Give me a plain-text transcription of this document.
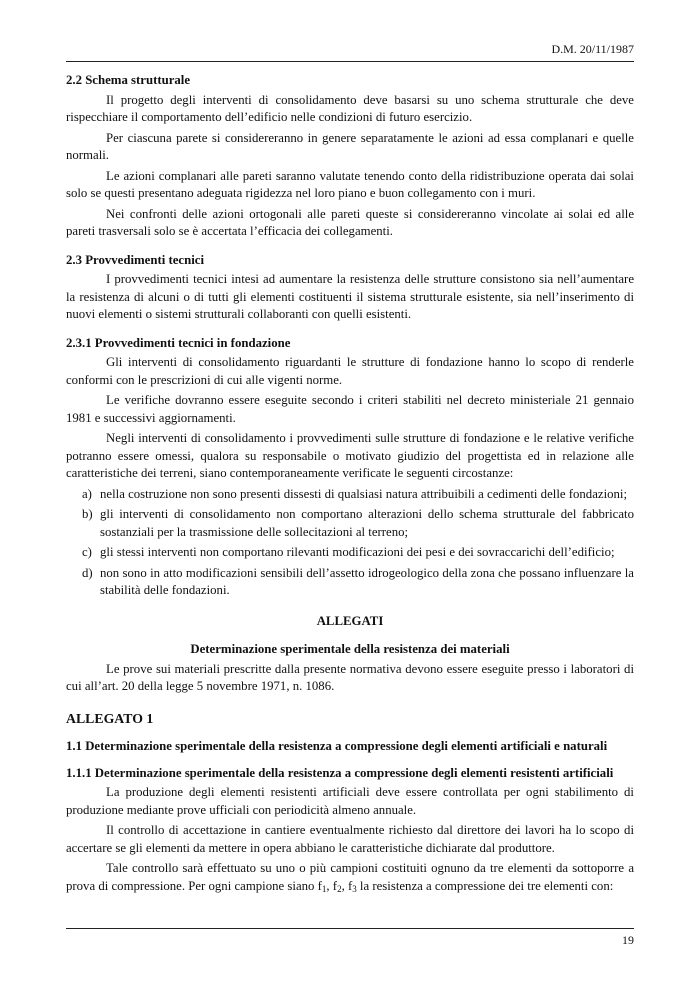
D.M. 20/11/1987
2.2 Schema strutturale

Il progetto degli interventi di consolidamento deve basarsi su uno schema strutturale che deve rispecchiare il comportamento dell’edificio nelle condizioni di futuro esercizio.

Per ciascuna parete si considereranno in genere separatamente le azioni ad essa complanari e quelle normali.

Le azioni complanari alle pareti saranno valutate tenendo conto della ridistribuzione operata dai solai solo se questi presentano adeguata rigidezza nel loro piano e buon collegamento con i muri.

Nei confronti delle azioni ortogonali alle pareti queste si considereranno vincolate ai solai ed alle pareti trasversali solo se è accertata l’efficacia dei collegamenti.

2.3 Provvedimenti tecnici

I provvedimenti tecnici intesi ad aumentare la resistenza delle strutture consistono sia nell’aumentare la resistenza di alcuni o di tutti gli elementi costituenti il sistema strutturale esistente, sia nell’inserimento di nuovi elementi o sistemi strutturali collaboranti con quelli esistenti.

2.3.1 Provvedimenti tecnici in fondazione

Gli interventi di consolidamento riguardanti le strutture di fondazione hanno lo scopo di renderle conformi con le prescrizioni di cui alle vigenti norme.

Le verifiche dovranno essere eseguite secondo i criteri stabiliti nel decreto ministeriale 21 gennaio 1981 e successivi aggiornamenti.

Negli interventi di consolidamento i provvedimenti sulle strutture di fondazione e le relative verifiche potranno essere omessi, qualora su responsabile o motivato giudizio del progettista ed in relazione alle caratteristiche dei terreni, siano contemporaneamente verificate le seguenti circostanze:

a) nella costruzione non sono presenti dissesti di qualsiasi natura attribuibili a cedimenti delle fondazioni;
b) gli interventi di consolidamento non comportano alterazioni dello schema strutturale del fabbricato sostanziali per la trasmissione delle sollecitazioni al terreno;
c) gli stessi interventi non comportano rilevanti modificazioni dei pesi e dei sovraccarichi dell’edificio;
d) non sono in atto modificazioni sensibili dell’assetto idrogeologico della zona che possano influenzare la stabilità delle fondazioni.
ALLEGATI
Determinazione sperimentale della resistenza dei materiali

Le prove sui materiali prescritte dalla presente normativa devono essere eseguite presso i laboratori di cui all’art. 20 della legge 5 novembre 1971, n. 1086.

ALLEGATO 1
1.1 Determinazione sperimentale della resistenza a compressione degli elementi artificiali e naturali
1.1.1 Determinazione sperimentale della resistenza a compressione degli elementi resistenti artificiali

La produzione degli elementi resistenti artificiali deve essere controllata per ogni stabilimento di produzione mediante prove ufficiali con periodicità almeno annuale.

Il controllo di accettazione in cantiere eventualmente richiesto dal direttore dei lavori ha lo scopo di accertare se gli elementi da mettere in opera abbiano le caratteristiche dichiarate dal produttore.

Tale controllo sarà effettuato su uno o più campioni costituiti ognuno da tre elementi da sottoporre a prova di compressione. Per ogni campione siano $f_1$, $f_2$, $f_3$ la resistenza a compressione dei tre elementi con:

19
